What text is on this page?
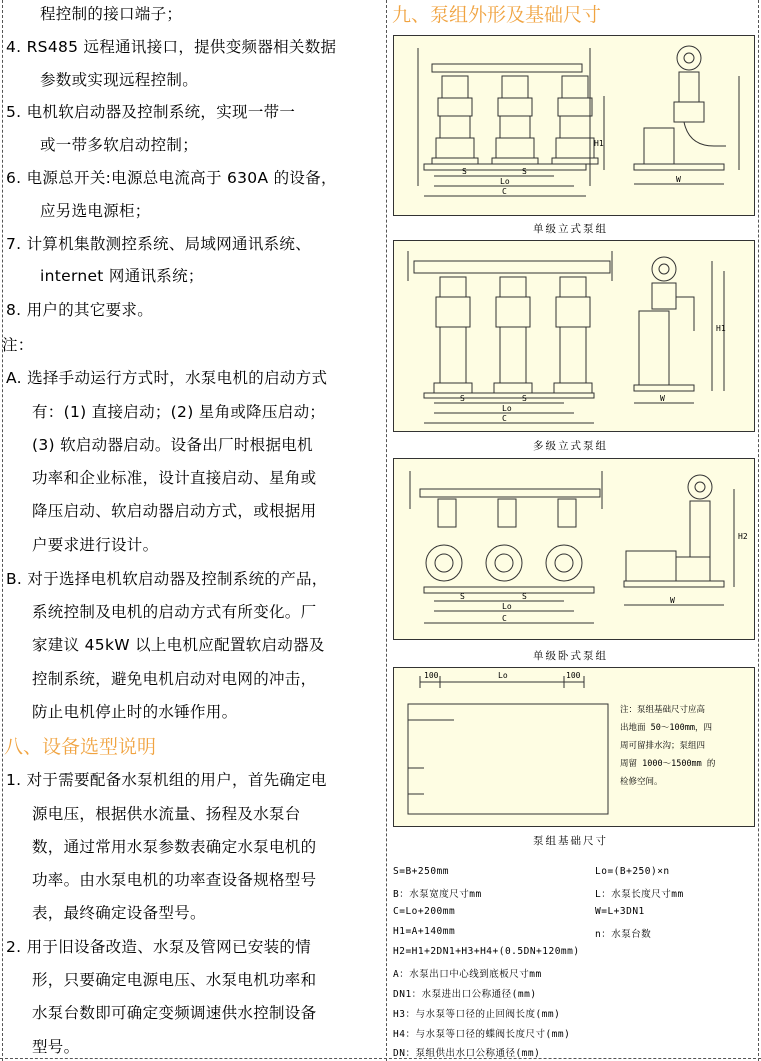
八、设备选型说明
程控制的接口端子；
4. RS485 远程通讯接口，提供变频器相关数据
参数或实现远程控制。
5. 电机软启动器及控制系统，实现一带一
或一带多软启动控制；
6. 电源总开关:电源总电流高于 630A 的设备，
应另选电源柜；
7. 计算机集散测控系统、局域网通讯系统、
internet 网通讯系统；
8. 用户的其它要求。
注：
A. 选择手动运行方式时，水泵电机的启动方式
有：(1) 直接启动；(2) 星角或降压启动；
(3) 软启动器启动。设备出厂时根据电机
功率和企业标准，设计直接启动、星角或
降压启动、软启动器启动方式，或根据用
户要求进行设计。
B. 对于选择电机软启动器及控制系统的产品，
系统控制及电机的启动方式有所变化。厂
家建议 45kW 以上电机应配置软启动器及
控制系统，避免电机启动对电网的冲击，
防止电机停止时的水锤作用。
1. 对于需要配备水泵机组的用户，首先确定电
源电压，根据供水流量、扬程及水泵台
数，通过常用水泵参数表确定水泵电机的
功率。由水泵电机的功率查设备规格型号
表，最终确定设备型号。
2. 用于旧设备改造、水泵及管网已安装的情
形，只要确定电源电压、水泵电机功率和
水泵台数即可确定变频调速供水控制设备
型号。
九、泵组外形及基础尺寸
S	S
Lo
C
H1
W
单级立式泵组
S	S
Lo
C
W
H1
多级立式泵组
S	S
Lo
C
W
H2
单级卧式泵组
100	Lo	100
注：泵组基础尺寸应高
出地面 50～100mm，四
周可留排水沟；泵组四
周留 1000～1500mm 的
检修空间。
泵组基础尺寸
S=B+250mm	Lo=(B+250)×n
B：水泵宽度尺寸mm	L：水泵长度尺寸mm
C=Lo+200mm	W=L+3DN1
H1=A+140mm	n：水泵台数
H2=H1+2DN1+H3+H4+(0.5DN+120mm)
A：水泵出口中心线到底板尺寸mm
DN1：水泵进出口公称通径(mm)
H3：与水泵等口径的止回阀长度(mm)
H4：与水泵等口径的蝶阀长度尺寸(mm)
DN：泵组供出水口公称通径(mm)
